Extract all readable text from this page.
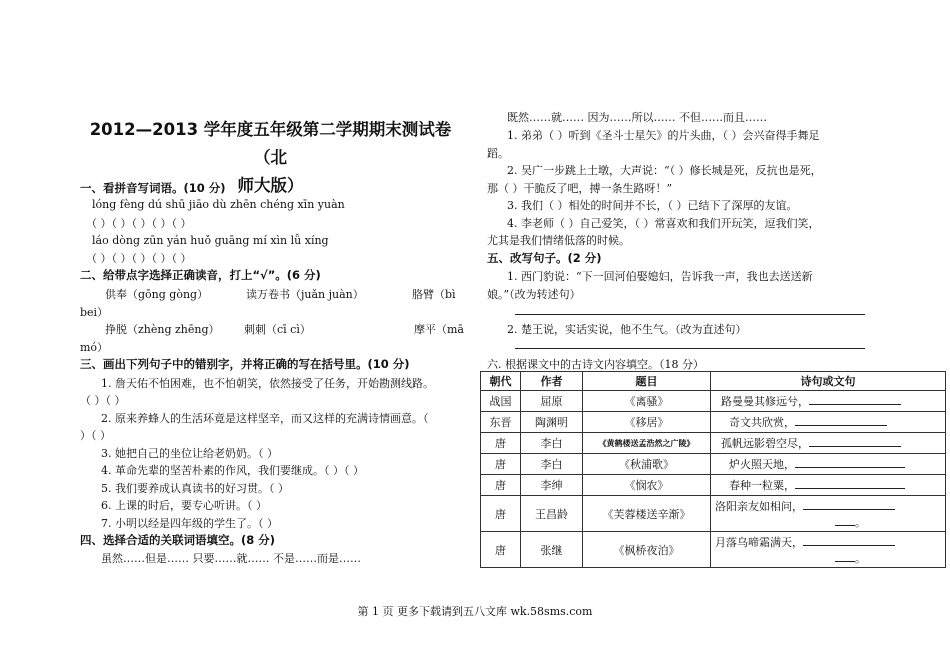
2012—2013 学年度五年级第二学期期末测试卷（北
师大版）
一、看拼音写词语。(10 分)
lóng fèng dú shū jiāo dù zhēn chéng xīn yuàn
（ ）（ ）（ ）（ ）（ ）
láo dòng zūn yán huǒ guāng mí xìn lǚ xíng
（ ）（ ）（ ）（ ）（ ）
二、给带点字选择正确读音，打上“√”。(6 分)
供奉（gōng gòng）	读万卷书（juǎn juàn）	胳臂（bì
bei）
挣脱（zhèng zhēng） 刺刺（cī cì）	摩平（mā
mó）
三、画出下列句子中的错别字，并将正确的写在括号里。(10 分)
1. 詹天佑不怕困难，也不怕朝笑，依然接受了任务，开始勘测线路。
（ ）（ ）
2. 原来养蜂人的生活环竟是这样坚辛，而又这样的充满诗情画意。（
）（ ）
3. 她把自己的坐位让给老奶奶。（ ）
4. 革命先辈的坚苦朴素的作风，我们要继成。（ ）（ ）
5. 我们要养成认真读书的好习贯。（ ）
6. 上课的时后，要专心听讲。（ ）
7. 小明以经是四年级的学生了。（ ）
四、选择合适的关联词语填空。(8 分)
虽然……但是…… 只要……就…… 不是……而是……
既然……就…… 因为……所以…… 不但……而且……
1. 弟弟（ ）听到《圣斗士星矢》的片头曲，（ ）会兴奋得手舞足
蹈。
2. 吴广一步跳上土墩，大声说：“（ ）修长城是死，反抗也是死，
那（ ）干脆反了吧，搏一条生路呀！”
3. 我们（ ）相处的时间并不长，（ ）已结下了深厚的友谊。
4. 李老师（ ）自己爱笑，（ ）常喜欢和我们开玩笑，逗我们笑，
尤其是我们情绪低落的时候。
五、改写句子。(2 分)
1. 西门豹说：“下一回河伯娶媳妇，告诉我一声，我也去送送新
娘。”（改为转述句）
2. 楚王说，实话实说，他不生气。（改为直述句）
六. 根据课文中的古诗文内容填空。（18 分）
朝代	作者	题目	诗句或文句
战国	屈原	《离骚》	路曼曼其修远兮，
东晋	陶渊明	《移居》	奇文共欣赏，
唐	李白	《黄鹤楼送孟浩然之广陵》	孤帆远影碧空尽，
唐	李白	《秋浦歌》	炉火照天地，
唐	李绅	《悯农》	春种一粒粟，
唐	王昌龄	《芙蓉楼送辛渐》	洛阳亲友如相问，
。

唐	张继	《枫桥夜泊》	月落乌啼霜满天，
。
第 1 页 更多下载请到五八文库 wk.58sms.com
